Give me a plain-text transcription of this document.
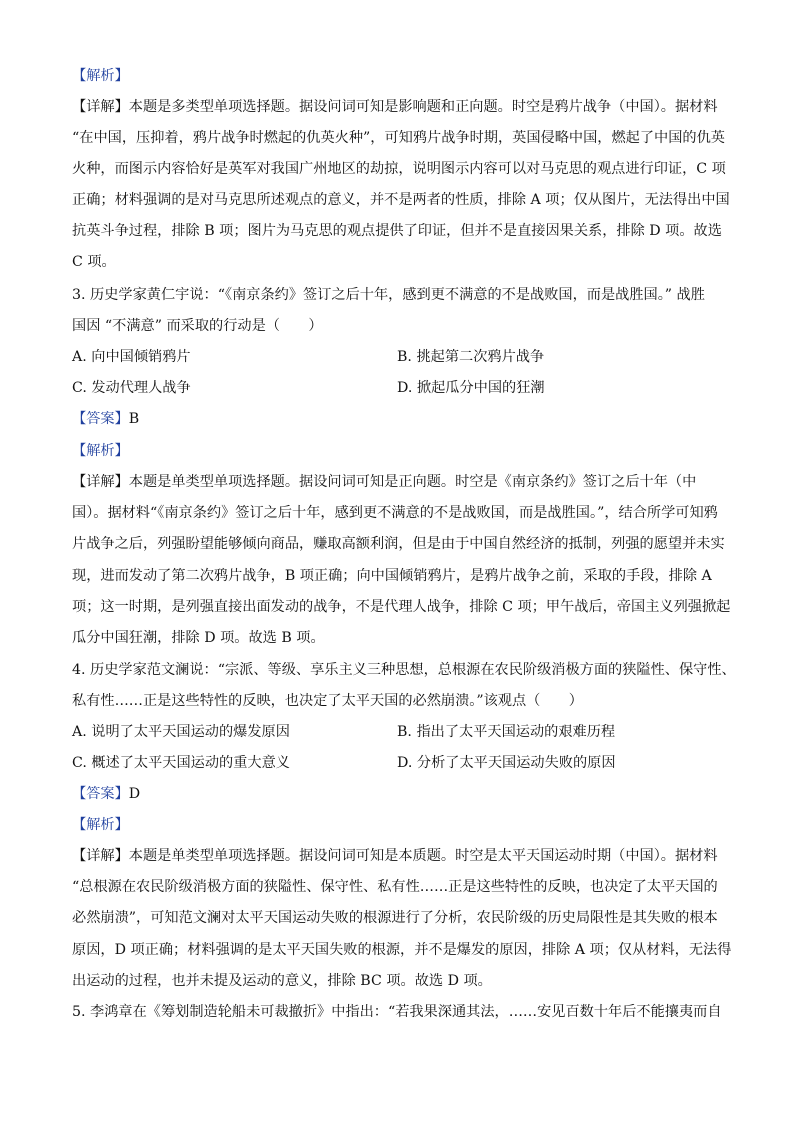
【解析】
【详解】本题是多类型单项选择题。据设问词可知是影响题和正向题。时空是鸦片战争（中国）。据材料
“在中国，压抑着，鸦片战争时燃起的仇英火种”，可知鸦片战争时期，英国侵略中国，燃起了中国的仇英
火种，而图示内容恰好是英军对我国广州地区的劫掠，说明图示内容可以对马克思的观点进行印证，C 项
正确；材料强调的是对马克思所述观点的意义，并不是两者的性质，排除 A 项；仅从图片，无法得出中国
抗英斗争过程，排除 B 项；图片为马克思的观点提供了印证，但并不是直接因果关系，排除 D 项。故选
C 项。
3. 历史学家黄仁宇说：“《南京条约》签订之后十年，感到更不满意的不是战败国，而是战胜国。” 战胜
国因 “不满意” 而采取的行动是（　　）
A. 向中国倾销鸦片	B. 挑起第二次鸦片战争
C. 发动代理人战争	D. 掀起瓜分中国的狂潮
【答案】B
【解析】
【详解】本题是单类型单项选择题。据设问词可知是正向题。时空是《南京条约》签订之后十年（中
国）。据材料“《南京条约》签订之后十年，感到更不满意的不是战败国，而是战胜国。”，结合所学可知鸦
片战争之后，列强盼望能够倾向商品，赚取高额利润，但是由于中国自然经济的抵制，列强的愿望并未实
现，进而发动了第二次鸦片战争，B 项正确；向中国倾销鸦片，是鸦片战争之前，采取的手段，排除 A
项；这一时期，是列强直接出面发动的战争，不是代理人战争，排除 C 项；甲午战后，帝国主义列强掀起
瓜分中国狂潮，排除 D 项。故选 B 项。
4. 历史学家范文澜说：“宗派、等级、享乐主义三种思想，总根源在农民阶级消极方面的狭隘性、保守性、
私有性……正是这些特性的反映，也决定了太平天国的必然崩溃。”该观点（　　）
A. 说明了太平天国运动的爆发原因	B. 指出了太平天国运动的艰难历程
C. 概述了太平天国运动的重大意义	D. 分析了太平天国运动失败的原因
【答案】D
【解析】
【详解】本题是单类型单项选择题。据设问词可知是本质题。时空是太平天国运动时期（中国）。据材料
“总根源在农民阶级消极方面的狭隘性、保守性、私有性……正是这些特性的反映，也决定了太平天国的
必然崩溃”，可知范文澜对太平天国运动失败的根源进行了分析，农民阶级的历史局限性是其失败的根本
原因，D 项正确；材料强调的是太平天国失败的根源，并不是爆发的原因，排除 A 项；仅从材料，无法得
出运动的过程，也并未提及运动的意义，排除 BC 项。故选 D 项。
5. 李鸿章在《筹划制造轮船未可裁撤折》中指出：“若我果深通其法，……安见百数十年后不能攘夷而自
